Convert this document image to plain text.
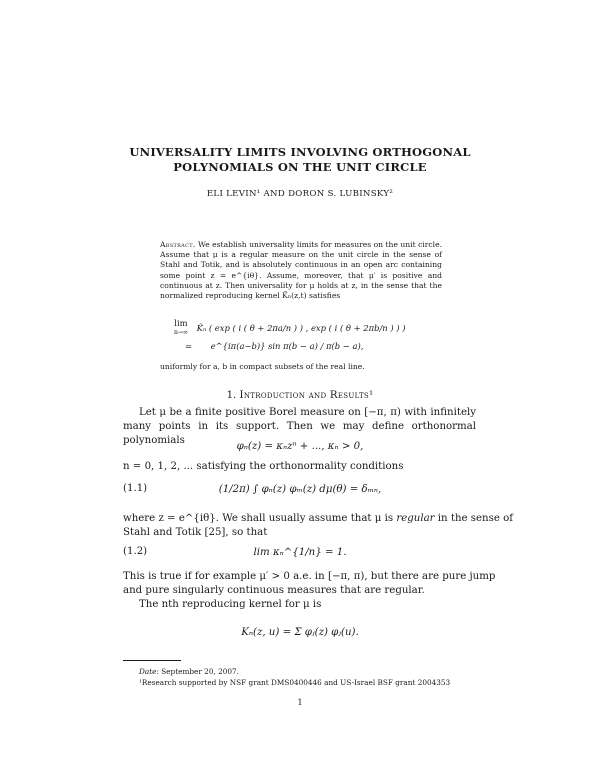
UNIVERSALITY LIMITS INVOLVING ORTHOGONAL
POLYNOMIALS ON THE UNIT CIRCLE
ELI LEVIN¹ AND DORON S. LUBINSKY²
Abstract. We establish universality limits for measures on the unit circle. Assume that μ is a regular measure on the unit circle in the sense of Stahl and Totik, and is absolutely continuous in an open arc containing some point z = e^{iθ}. Assume, moreover, that μ′ is positive and continuous at z. Then universality for μ holds at z, in the sense that the normalized reproducing kernel K̃ₙ(z,t) satisfies
lim
n→∞ K̃ₙ ( exp ( i ( θ + 2πa/n ) ) , exp ( i ( θ + 2πb/n ) ) )
= e^{iπ(a−b)} sin π(b − a) / π(b − a),
uniformly for a, b in compact subsets of the real line.
1. Introduction and Results¹
Let μ be a finite positive Borel measure on [−π, π) with infinitely many points in its support. Then we may define orthonormal polynomials
φₙ(z) = κₙzⁿ + ..., κₙ > 0,
n = 0, 1, 2, ... satisfying the orthonormality conditions
(1.1)	(1/2π) ∫ φₙ(z) φₘ(z) dμ(θ) = δₘₙ,
where z = e^{iθ}. We shall usually assume that μ is regular in the sense of
Stahl and Totik [25], so that
(1.2)	lim κₙ^{1/n} = 1.
This is true if for example μ′ > 0 a.e. in [−π, π), but there are pure jump
and pure singularly continuous measures that are regular.
The nth reproducing kernel for μ is
Kₙ(z, u) = Σ φⱼ(z) φⱼ(u).
Date: September 20, 2007.
¹Research supported by NSF grant DMS0400446 and US-Israel BSF grant 2004353
1
